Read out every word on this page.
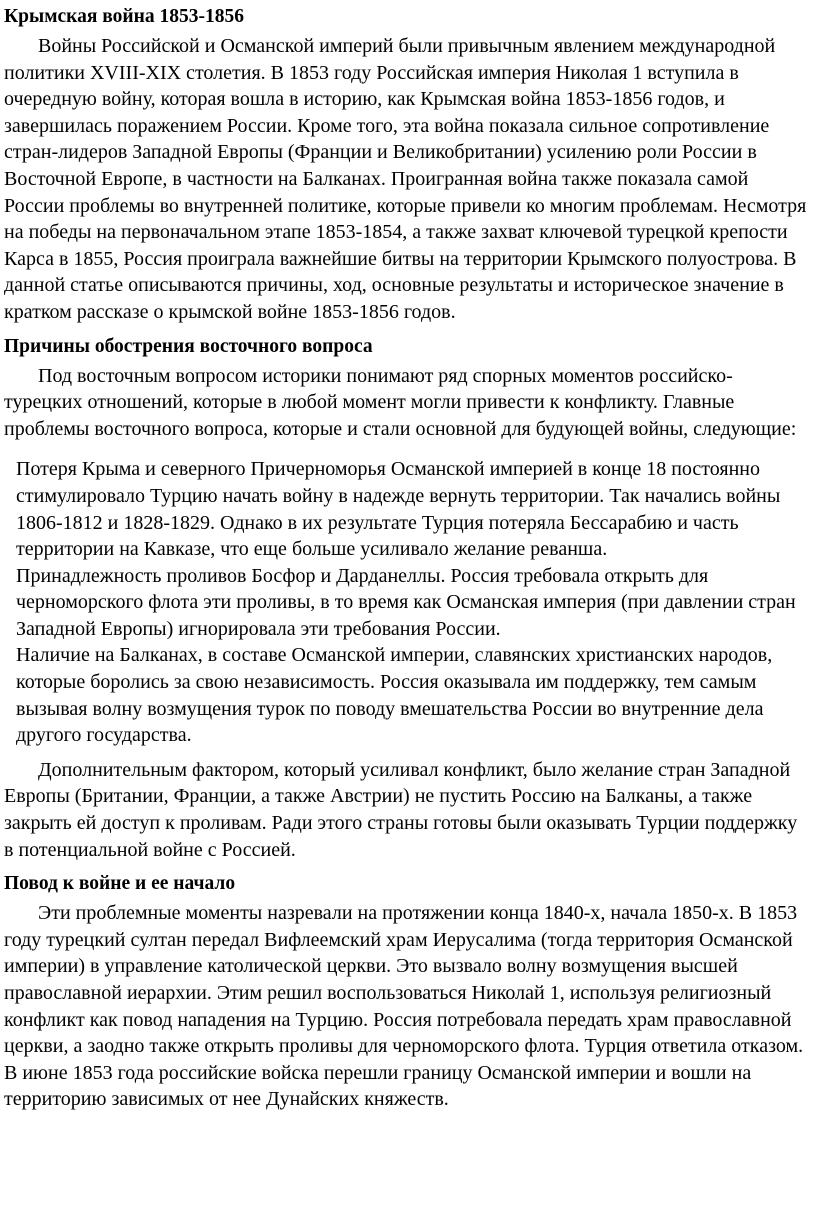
Крымская война 1853-1856

Войны Российской и Османской империй были привычным явлением международной политики XVIII-XIX столетия. В 1853 году Российская империя Николая 1 вступила в очередную войну, которая вошла в историю, как Крымская война 1853-1856 годов, и завершилась поражением России. Кроме того, эта война показала сильное сопротивление стран-лидеров Западной Европы (Франции и Великобритании) усилению роли России в Восточной Европе, в частности на Балканах. Проигранная война также показала самой России проблемы во внутренней политике, которые привели ко многим проблемам. Несмотря на победы на первоначальном этапе 1853-1854, а также захват ключевой турецкой крепости Карса в 1855, Россия проиграла важнейшие битвы на территории Крымского полуострова. В данной статье описываются причины, ход, основные результаты и историческое значение в кратком рассказе о крымской войне 1853-1856 годов.

Причины обострения восточного вопроса

Под восточным вопросом историки понимают ряд спорных моментов российско-турецких отношений, которые в любой момент могли привести к конфликту. Главные проблемы восточного вопроса, которые и стали основной для будующей войны, следующие:

Потеря Крыма и северного Причерноморья Османской империей в конце 18 постоянно стимулировало Турцию начать войну в надежде вернуть территории. Так начались войны 1806-1812 и 1828-1829. Однако в их результате Турция потеряла Бессарабию и часть территории на Кавказе, что еще больше усиливало желание реванша.

Принадлежность проливов Босфор и Дарданеллы. Россия требовала открыть для черноморского флота эти проливы, в то время как Османская империя (при давлении стран Западной Европы) игнорировала эти требования России.

Наличие на Балканах, в составе Османской империи, славянских христианских народов, которые боролись за свою независимость. Россия оказывала им поддержку, тем самым вызывая волну возмущения турок по поводу вмешательства России во внутренние дела другого государства.

Дополнительным фактором, который усиливал конфликт, было желание стран Западной Европы (Британии, Франции, а также Австрии) не пустить Россию на Балканы, а также закрыть ей доступ к проливам. Ради этого страны готовы были оказывать Турции поддержку в потенциальной войне с Россией.

Повод к войне и ее начало

Эти проблемные моменты назревали на протяжении конца 1840-х, начала 1850-х. В 1853 году турецкий султан передал Вифлеемский храм Иерусалима (тогда территория Османской империи) в управление католической церкви. Это вызвало волну возмущения высшей православной иерархии. Этим решил воспользоваться Николай 1, используя религиозный конфликт как повод нападения на Турцию. Россия потребовала передать храм православной церкви, а заодно также открыть проливы для черноморского флота. Турция ответила отказом. В июне 1853 года российские войска перешли границу Османской империи и вошли на территорию зависимых от нее Дунайских княжеств.
